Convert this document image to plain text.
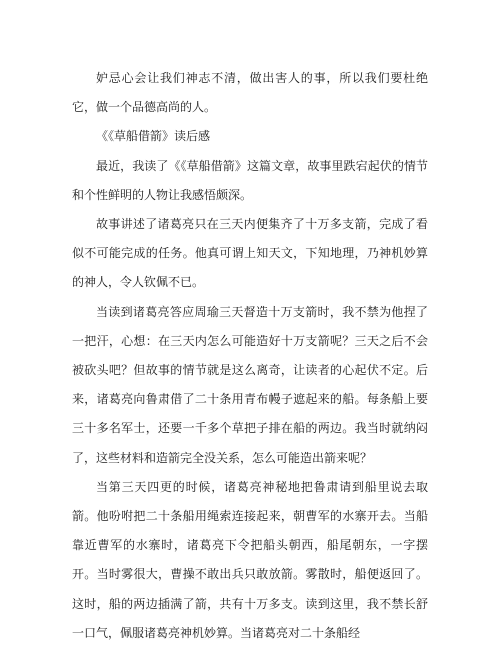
妒忌心会让我们神志不清，做出害人的事，所以我们要杜绝它，做一个品德高尚的人。

《《草船借箭》读后感

最近，我读了《《草船借箭》这篇文章，故事里跌宕起伏的情节和个性鲜明的人物让我感悟颇深。

故事讲述了诸葛亮只在三天内便集齐了十万多支箭，完成了看似不可能完成的任务。他真可谓上知天文，下知地理，乃神机妙算的神人，令人钦佩不已。

当读到诸葛亮答应周瑜三天督造十万支箭时，我不禁为他捏了一把汗，心想：在三天内怎么可能造好十万支箭呢？三天之后不会被砍头吧？但故事的情节就是这么离奇，让读者的心起伏不定。后来，诸葛亮向鲁肃借了二十条用青布幔子遮起来的船。每条船上要三十多名军士，还要一千多个草把子排在船的两边。我当时就纳闷了，这些材料和造箭完全没关系，怎么可能造出箭来呢？

当第三天四更的时候，诸葛亮神秘地把鲁肃请到船里说去取箭。他吩咐把二十条船用绳索连接起来，朝曹军的水寨开去。当船靠近曹军的水寨时，诸葛亮下令把船头朝西，船尾朝东，一字摆开。当时雾很大，曹操不敢出兵只敢放箭。雾散时，船便返回了。这时，船的两边插满了箭，共有十万多支。读到这里，我不禁长舒一口气，佩服诸葛亮神机妙算。当诸葛亮对二十条船经
